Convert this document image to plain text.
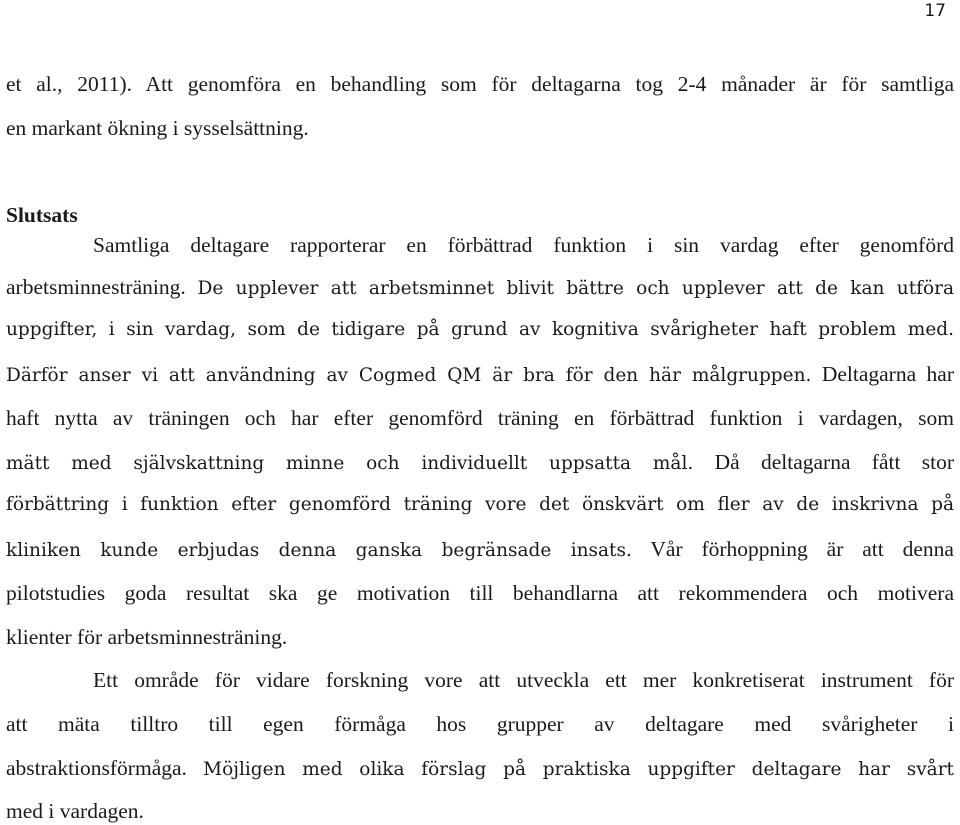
17
et al., 2011). Att genomföra en behandling som för deltagarna tog 2-4 månader är för samtliga
en markant ökning i sysselsättning.
Slutsats
Samtliga deltagare rapporterar en förbättrad funktion i sin vardag efter genomförd
arbetsminnesträning. De upplever att arbetsminnet blivit bättre och upplever att de kan utföra
uppgifter, i sin vardag, som de tidigare på grund av kognitiva svårigheter haft problem med.
Därför anser vi att användning av Cogmed QM är bra för den här målgruppen. Deltagarna har
haft nytta av träningen och har efter genomförd träning en förbättrad funktion i vardagen, som
mätt med självskattning minne och individuellt uppsatta mål. Då deltagarna fått stor
förbättring i funktion efter genomförd träning vore det önskvärt om fler av de inskrivna på
kliniken kunde erbjudas denna ganska begränsade insats. Vår förhoppning är att denna
pilotstudies goda resultat ska ge motivation till behandlarna att rekommendera och motivera
klienter för arbetsminnesträning.
Ett område för vidare forskning vore att utveckla ett mer konkretiserat instrument för
att mäta tilltro till egen förmåga hos grupper av deltagare med svårigheter i
abstraktionsförmåga. Möjligen med olika förslag på praktiska uppgifter deltagare har svårt
med i vardagen.
